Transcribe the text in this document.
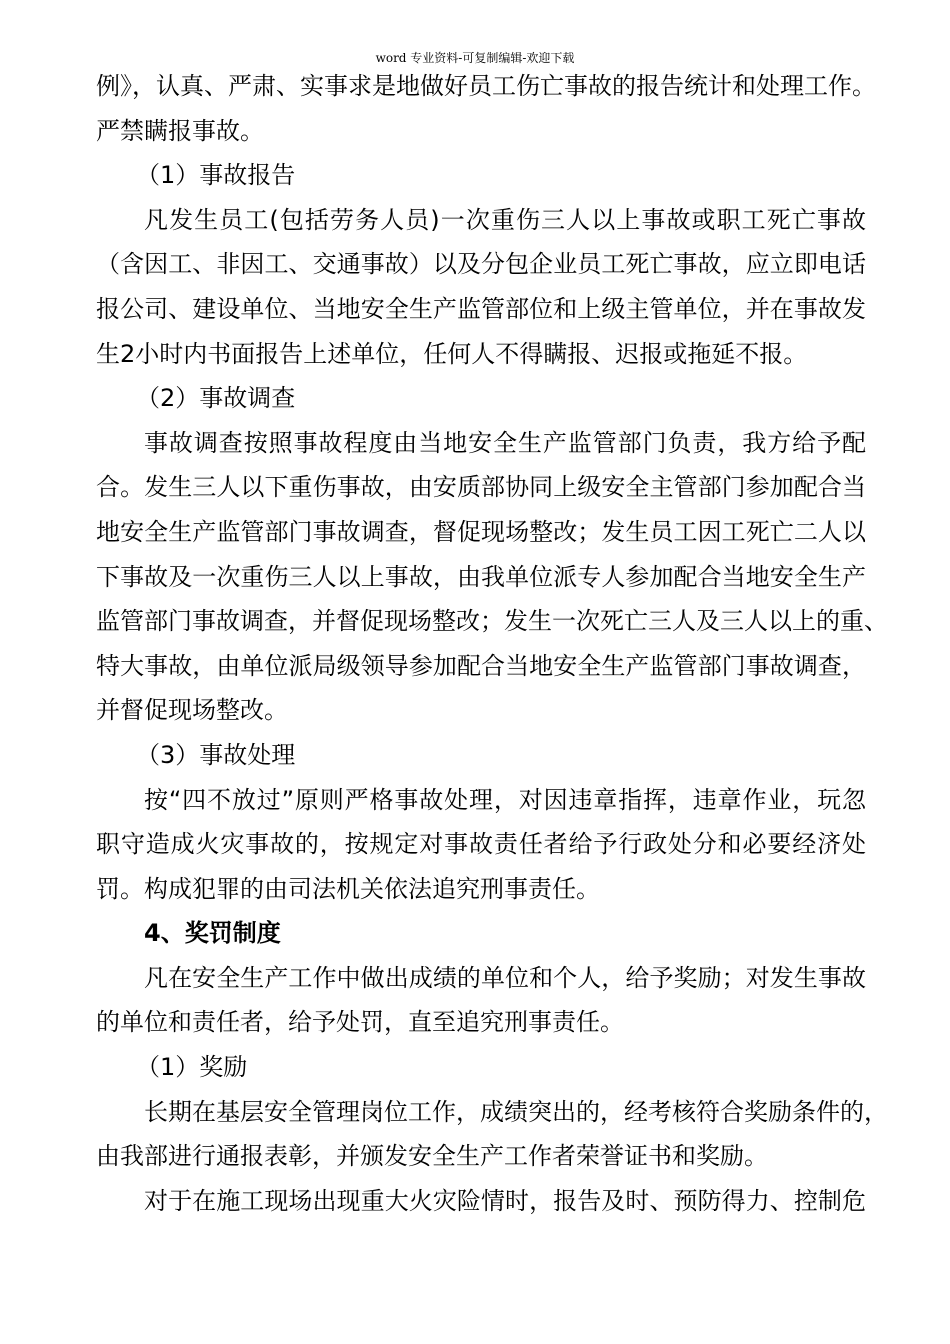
word 专业资料-可复制编辑-欢迎下载
例》，认真、严肃、实事求是地做好员工伤亡事故的报告统计和处理工作。
严禁瞒报事故。
（1）事故报告
凡发生员工(包括劳务人员)一次重伤三人以上事故或职工死亡事故
（含因工、非因工、交通事故）以及分包企业员工死亡事故，应立即电话
报公司、建设单位、当地安全生产监管部位和上级主管单位，并在事故发
生2小时内书面报告上述单位，任何人不得瞒报、迟报或拖延不报。
（2）事故调查
事故调查按照事故程度由当地安全生产监管部门负责，我方给予配
合。发生三人以下重伤事故，由安质部协同上级安全主管部门参加配合当
地安全生产监管部门事故调查，督促现场整改；发生员工因工死亡二人以
下事故及一次重伤三人以上事故，由我单位派专人参加配合当地安全生产
监管部门事故调查，并督促现场整改；发生一次死亡三人及三人以上的重、
特大事故，由单位派局级领导参加配合当地安全生产监管部门事故调查，
并督促现场整改。
（3）事故处理
按“四不放过”原则严格事故处理，对因违章指挥，违章作业，玩忽
职守造成火灾事故的，按规定对事故责任者给予行政处分和必要经济处
罚。构成犯罪的由司法机关依法追究刑事责任。
4、奖罚制度
凡在安全生产工作中做出成绩的单位和个人，给予奖励；对发生事故
的单位和责任者，给予处罚，直至追究刑事责任。
（1）奖励
长期在基层安全管理岗位工作，成绩突出的，经考核符合奖励条件的，
由我部进行通报表彰，并颁发安全生产工作者荣誉证书和奖励。
对于在施工现场出现重大火灾险情时，报告及时、预防得力、控制危
